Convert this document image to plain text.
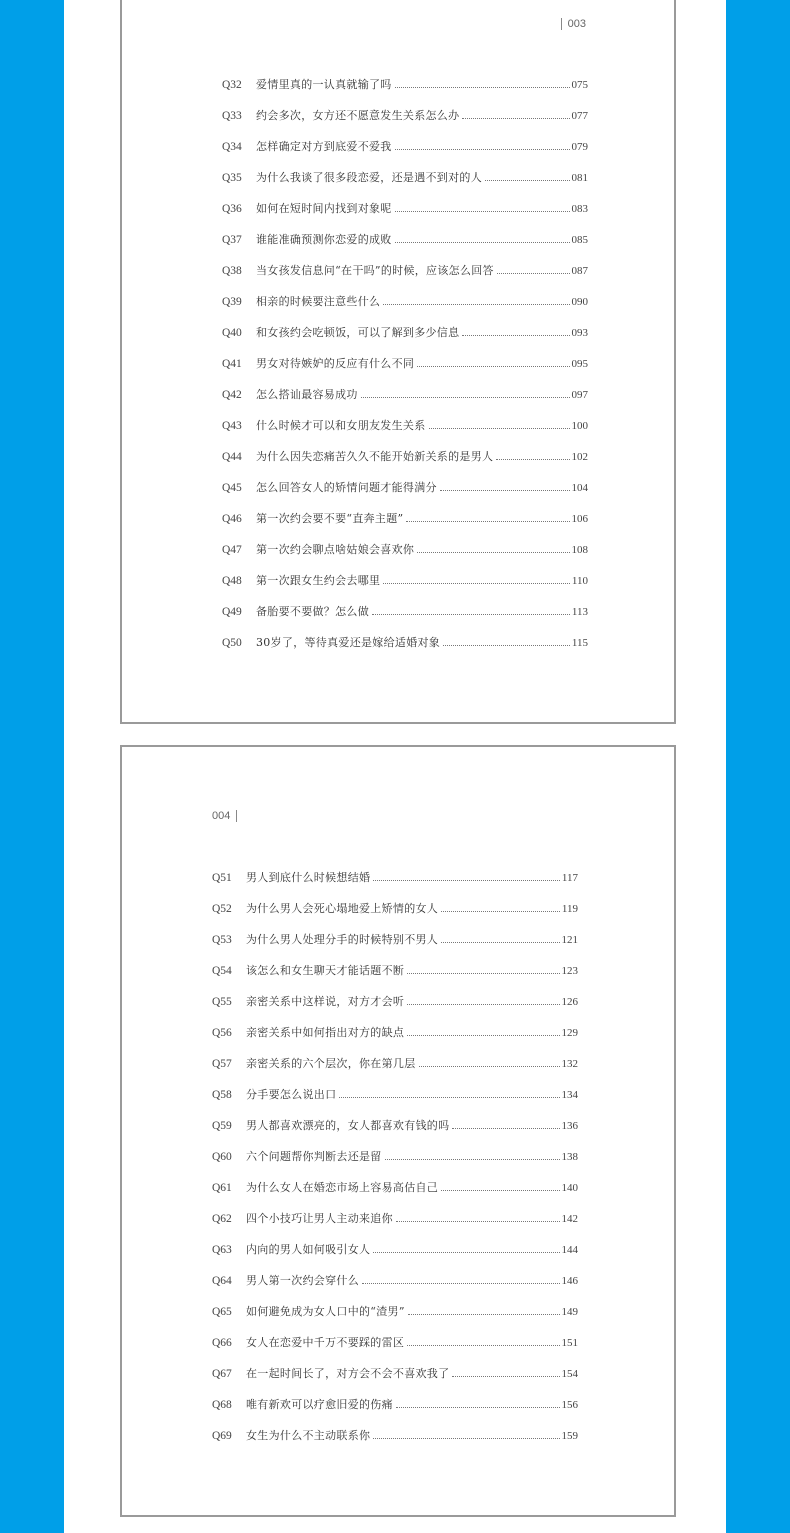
003
Q32	爱情里真的一认真就输了吗	075
Q33	约会多次，女方还不愿意发生关系怎么办	077
Q34	怎样确定对方到底爱不爱我	079
Q35	为什么我谈了很多段恋爱，还是遇不到对的人	081
Q36	如何在短时间内找到对象呢	083
Q37	谁能准确预测你恋爱的成败	085
Q38	当女孩发信息问“在干吗”的时候，应该怎么回答	087
Q39	相亲的时候要注意些什么	090
Q40	和女孩约会吃顿饭，可以了解到多少信息	093
Q41	男女对待嫉妒的反应有什么不同	095
Q42	怎么搭讪最容易成功	097
Q43	什么时候才可以和女朋友发生关系	100
Q44	为什么因失恋痛苦久久不能开始新关系的是男人	102
Q45	怎么回答女人的矫情问题才能得满分	104
Q46	第一次约会要不要“直奔主题”	106
Q47	第一次约会聊点啥姑娘会喜欢你	108
Q48	第一次跟女生约会去哪里	110
Q49	备胎要不要做？怎么做	113
Q50	30岁了，等待真爱还是嫁给适婚对象	115
004
Q51	男人到底什么时候想结婚	117
Q52	为什么男人会死心塌地爱上矫情的女人	119
Q53	为什么男人处理分手的时候特别不男人	121
Q54	该怎么和女生聊天才能话题不断	123
Q55	亲密关系中这样说，对方才会听	126
Q56	亲密关系中如何指出对方的缺点	129
Q57	亲密关系的六个层次，你在第几层	132
Q58	分手要怎么说出口	134
Q59	男人都喜欢漂亮的，女人都喜欢有钱的吗	136
Q60	六个问题帮你判断去还是留	138
Q61	为什么女人在婚恋市场上容易高估自己	140
Q62	四个小技巧让男人主动来追你	142
Q63	内向的男人如何吸引女人	144
Q64	男人第一次约会穿什么	146
Q65	如何避免成为女人口中的“渣男”	149
Q66	女人在恋爱中千万不要踩的雷区	151
Q67	在一起时间长了，对方会不会不喜欢我了	154
Q68	唯有新欢可以疗愈旧爱的伤痛	156
Q69	女生为什么不主动联系你	159
